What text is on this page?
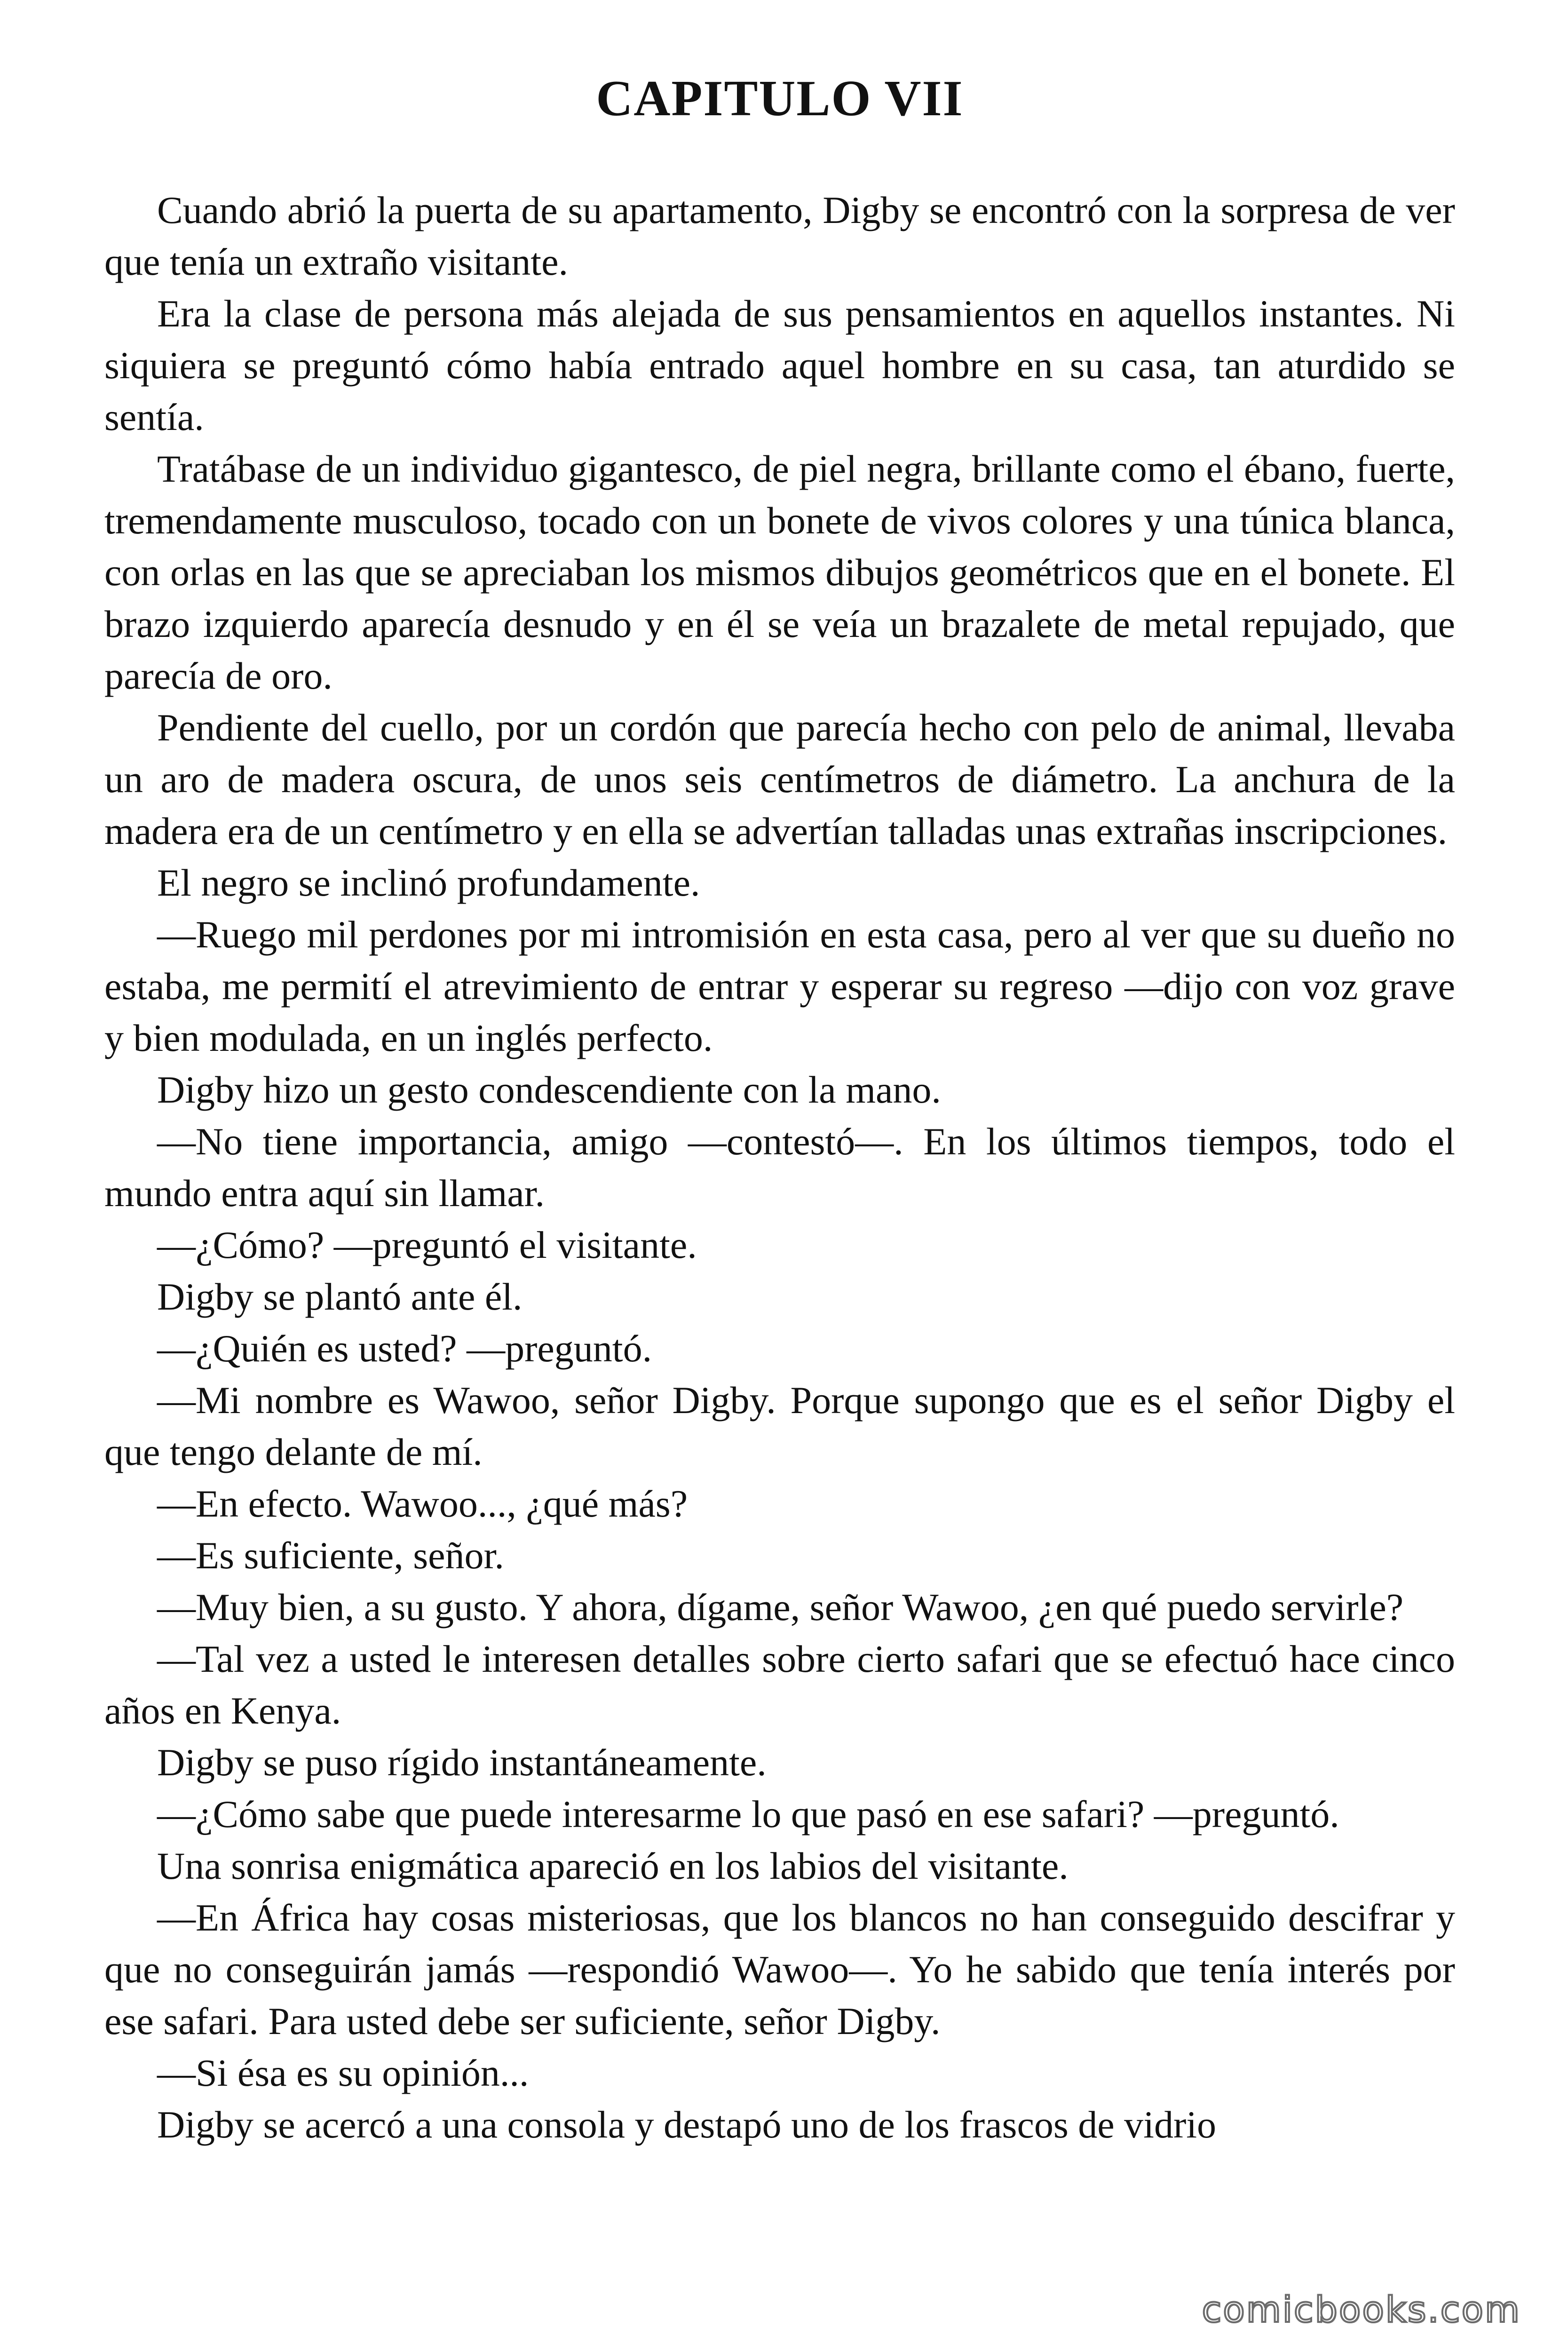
CAPITULO VII

Cuando abrió la puerta de su apartamento, Digby se encontró con la sorpresa de ver que tenía un extraño visitante.

Era la clase de persona más alejada de sus pensamientos en aquellos instantes. Ni siquiera se preguntó cómo había entrado aquel hombre en su casa, tan aturdido se sentía.

Tratábase de un individuo gigantesco, de piel negra, brillante como el ébano, fuerte, tremendamente musculoso, tocado con un bonete de vivos colores y una túnica blanca, con orlas en las que se apreciaban los mismos dibujos geométricos que en el bonete. El brazo izquierdo aparecía desnudo y en él se veía un brazalete de metal repujado, que parecía de oro.

Pendiente del cuello, por un cordón que parecía hecho con pelo de animal, llevaba un aro de madera oscura, de unos seis centímetros de diámetro. La anchura de la madera era de un centímetro y en ella se advertían talladas unas extrañas inscripciones.

El negro se inclinó profundamente.

—Ruego mil perdones por mi intromisión en esta casa, pero al ver que su dueño no estaba, me permití el atrevimiento de entrar y esperar su regreso —dijo con voz grave y bien modulada, en un inglés perfecto.

Digby hizo un gesto condescendiente con la mano.

—No tiene importancia, amigo —contestó—. En los últimos tiempos, todo el mundo entra aquí sin llamar.

—¿Cómo? —preguntó el visitante.

Digby se plantó ante él.

—¿Quién es usted? —preguntó.

—Mi nombre es Wawoo, señor Digby. Porque supongo que es el señor Digby el que tengo delante de mí.

—En efecto. Wawoo..., ¿qué más?

—Es suficiente, señor.

—Muy bien, a su gusto. Y ahora, dígame, señor Wawoo, ¿en qué puedo servirle?

—Tal vez a usted le interesen detalles sobre cierto safari que se efectuó hace cinco años en Kenya.

Digby se puso rígido instantáneamente.

—¿Cómo sabe que puede interesarme lo que pasó en ese safari? —preguntó.

Una sonrisa enigmática apareció en los labios del visitante.

—En África hay cosas misteriosas, que los blancos no han conseguido descifrar y que no conseguirán jamás —respondió Wawoo—. Yo he sabido que tenía interés por ese safari. Para usted debe ser suficiente, señor Digby.

—Si ésa es su opinión...

Digby se acercó a una consola y destapó uno de los frascos de vidrio

comicbooks.com
